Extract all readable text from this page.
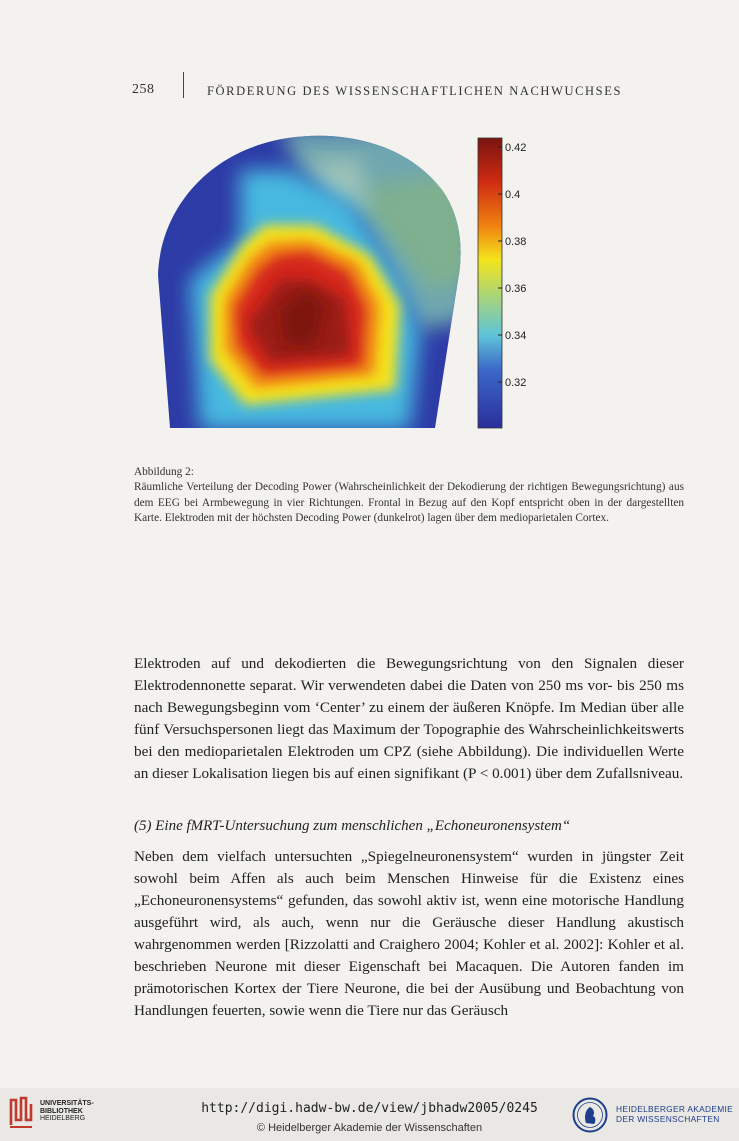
258	FÖRDERUNG DES WISSENSCHAFTLICHEN NACHWUCHSES
0.42
0.4
0.38
0.36
0.34
0.32
Abbildung 2:
Räumliche Verteilung der Decoding Power (Wahrscheinlichkeit der Dekodierung der richtigen Bewegungsrichtung) aus dem EEG bei Armbewegung in vier Richtungen. Frontal in Bezug auf den Kopf entspricht oben in der dargestellten Karte. Elektroden mit der höchsten Decoding Power (dunkelrot) lagen über dem medioparietalen Cortex.
Elektroden auf und dekodierten die Bewegungsrichtung von den Signalen dieser Elektrodennonette separat. Wir verwendeten dabei die Daten von 250 ms vor- bis 250 ms nach Bewegungsbeginn vom ‘Center’ zu einem der äußeren Knöpfe. Im Median über alle fünf Versuchspersonen liegt das Maximum der Topographie des Wahrscheinlichkeitswerts bei den medioparietalen Elektroden um CPZ (siehe Abbildung). Die individuellen Werte an dieser Lokalisation liegen bis auf einen signifikant (P < 0.001) über dem Zufallsniveau.
(5) Eine fMRT-Untersuchung zum menschlichen „Echoneuronensystem“
Neben dem vielfach untersuchten „Spiegelneuronensystem“ wurden in jüngster Zeit sowohl beim Affen als auch beim Menschen Hinweise für die Existenz eines „Echoneuronensystems“ gefunden, das sowohl aktiv ist, wenn eine motorische Handlung ausgeführt wird, als auch, wenn nur die Geräusche dieser Handlung akustisch wahrgenommen werden [Rizzolatti and Craighero 2004; Kohler et al. 2002]: Kohler et al. beschrieben Neurone mit dieser Eigenschaft bei Macaquen. Die Autoren fanden im prämotorischen Kortex der Tiere Neurone, die bei der Ausübung und Beobachtung von Handlungen feuerten, sowie wenn die Tiere nur das Geräusch
UNIVERSITÄTS-
BIBLIOTHEK
HEIDELBERG
http://digi.hadw-bw.de/view/jbhadw2005/0245
© Heidelberger Akademie der Wissenschaften
HEIDELBERGER AKADEMIE
DER WISSENSCHAFTEN
